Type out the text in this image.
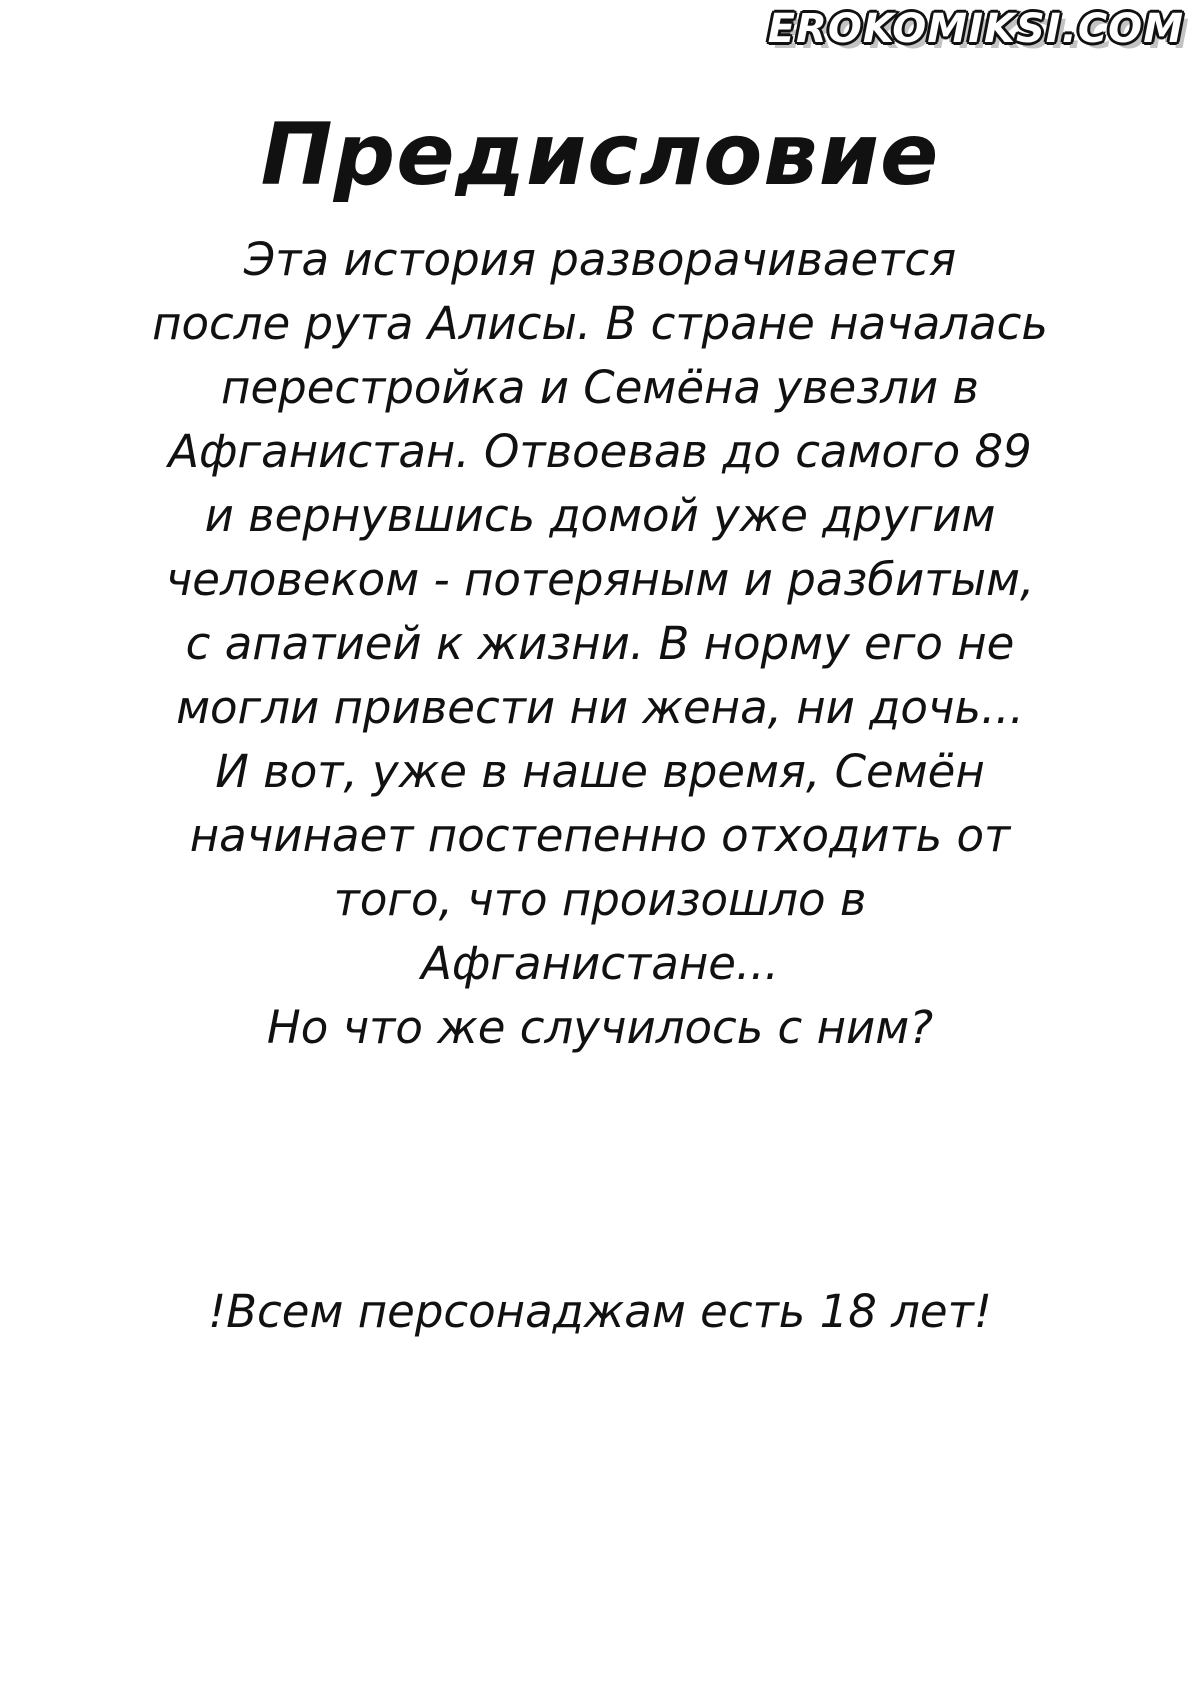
EROKOMIKSI.COM
Предисловие
Эта история разворачивается
после рута Алисы. В стране началась
перестройка и Семёна увезли в
Афганистан. Отвоевав до самого 89
и вернувшись домой уже другим
человеком - потеряным и разбитым,
с апатией к жизни. В норму его не
могли привести ни жена, ни дочь...
И вот, уже в наше время, Семён
начинает постепенно отходить от
того, что произошло в
Афганистане...
Но что же случилось с ним?
!Всем персонаджам есть 18 лет!
